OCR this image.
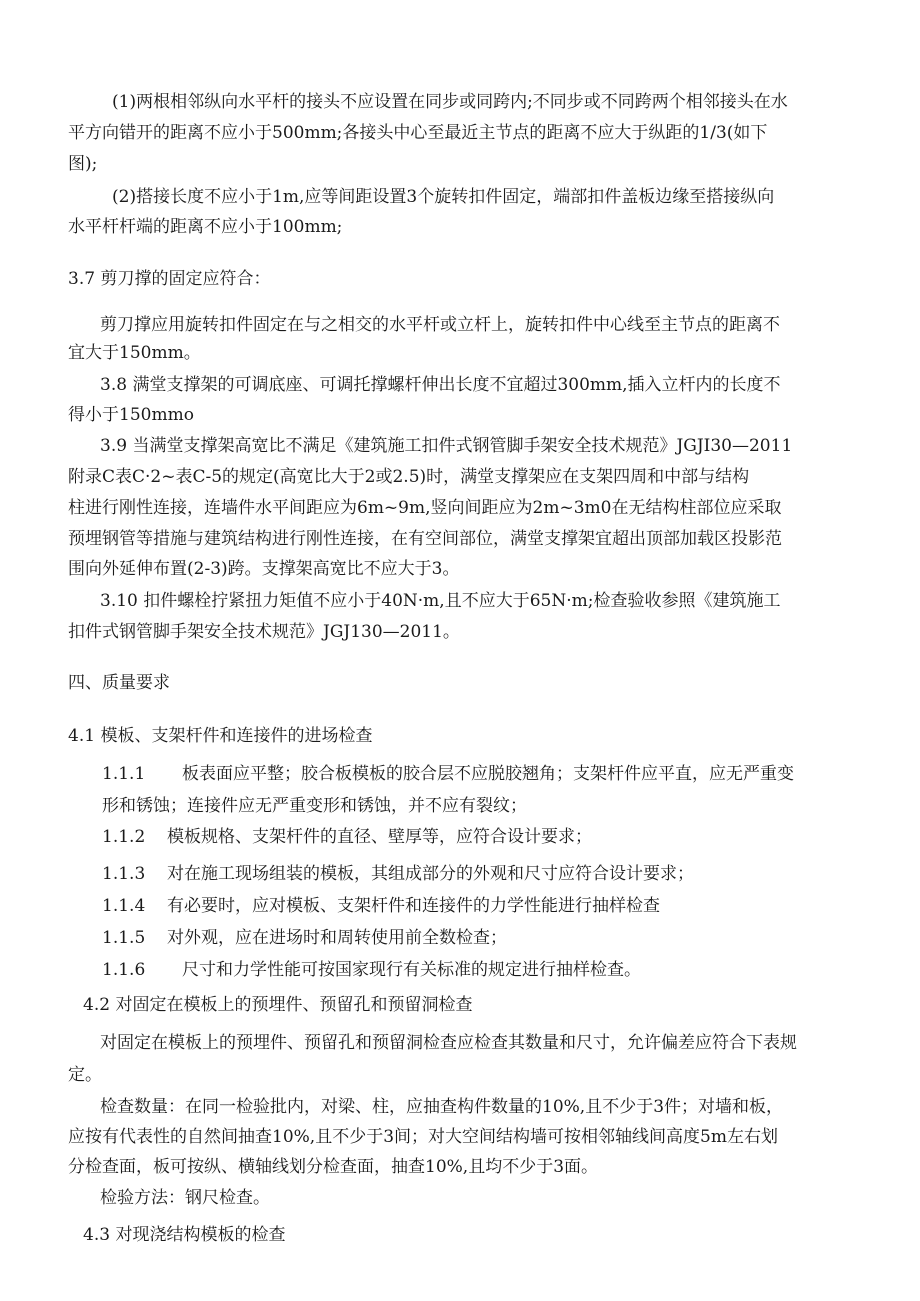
(1)两根相邻纵向水平杆的接头不应设置在同步或同跨内;不同步或不同跨两个相邻接头在水
平方向错开的距离不应小于500mm;各接头中心至最近主节点的距离不应大于纵距的1/3(如下
图);
(2)搭接长度不应小于1m,应等间距设置3个旋转扣件固定，端部扣件盖板边缘至搭接纵向
水平杆杆端的距离不应小于100mm;
3.7 剪刀撑的固定应符合：
剪刀撑应用旋转扣件固定在与之相交的水平杆或立杆上，旋转扣件中心线至主节点的距离不
宜大于150mm。
3.8 满堂支撑架的可调底座、可调托撑螺杆伸出长度不宜超过300mm,插入立杆内的长度不
得小于150mmo
3.9 当满堂支撑架高宽比不满足《建筑施工扣件式钢管脚手架安全技术规范》JGJI30—2011
附录C表C·2~表C-5的规定(高宽比大于2或2.5)时，满堂支撑架应在支架四周和中部与结构
柱进行刚性连接，连墙件水平间距应为6m~9m,竖向间距应为2m~3m0在无结构柱部位应采取
预埋钢管等措施与建筑结构进行刚性连接，在有空间部位，满堂支撑架宜超出顶部加载区投影范
围向外延伸布置(2-3)跨。支撑架高宽比不应大于3。
3.10 扣件螺栓拧紧扭力矩值不应小于40N·m,且不应大于65N·m;检查验收参照《建筑施工
扣件式钢管脚手架安全技术规范》JGJ130—2011。
四、质量要求
4.1 模板、支架杆件和连接件的进场检查
1.1.1 板表面应平整；胶合板模板的胶合层不应脱胶翘角；支架杆件应平直，应无严重变
形和锈蚀；连接件应无严重变形和锈蚀，并不应有裂纹；
1.1.2 模板规格、支架杆件的直径、壁厚等，应符合设计要求；
1.1.3 对在施工现场组装的模板，其组成部分的外观和尺寸应符合设计要求；
1.1.4 有必要时，应对模板、支架杆件和连接件的力学性能进行抽样检查
1.1.5 对外观，应在进场时和周转使用前全数检查；
1.1.6 尺寸和力学性能可按国家现行有关标准的规定进行抽样检查。
4.2 对固定在模板上的预埋件、预留孔和预留洞检查
对固定在模板上的预埋件、预留孔和预留洞检查应检查其数量和尺寸，允许偏差应符合下表规
定。
检查数量：在同一检验批内，对梁、柱，应抽查构件数量的10%,且不少于3件；对墙和板，
应按有代表性的自然间抽查10%,且不少于3间；对大空间结构墙可按相邻轴线间高度5m左右划
分检查面，板可按纵、横轴线划分检查面，抽查10%,且均不少于3面。
检验方法：钢尺检查。
4.3 对现浇结构模板的检查
